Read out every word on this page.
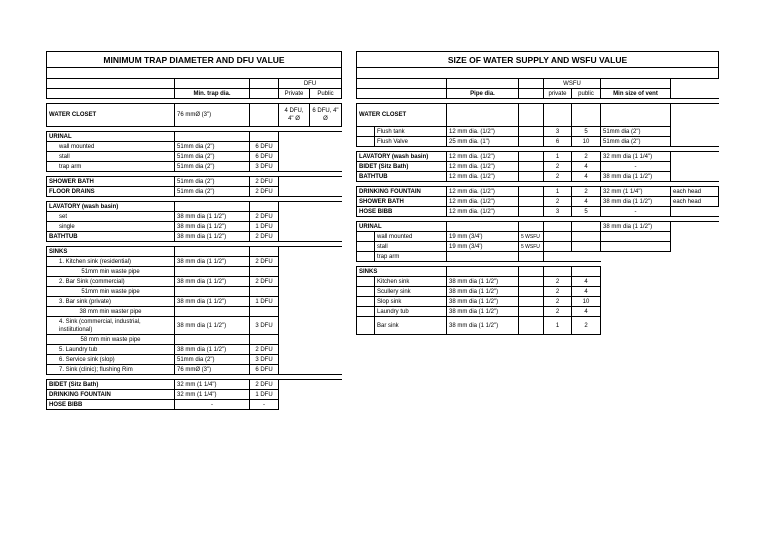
MINIMUM TRAP DIAMETER AND DFU VALUE				

			DFU	
	Min. trap dia.		Private	Public

WATER CLOSET	76 mmØ (3")		4 DFU, 4" Ø	6 DFU, 4" Ø

URINAL				
wall mounted	51mm dia (2")	6 DFU		
stall	51mm dia (2")	6 DFU		
trap arm	51mm dia (2")	3 DFU		

SHOWER BATH	51mm dia (2")	2 DFU		
FLOOR DRAINS	51mm dia (2")	2 DFU		

LAVATORY (wash basin)				
set	38 mm dia (1 1/2")	2 DFU		
single	38 mm dia (1 1/2")	1 DFU		
BATHTUB	38 mm dia (1 1/2")	2 DFU		

SINKS				
1. Kitchen sink (residential)	38 mm dia (1 1/2")	2 DFU		
51mm min waste pipe				
2. Bar Sink (commercial)	38 mm dia (1 1/2")	2 DFU		
51mm min waste pipe				
3. Bar sink (private)	38 mm dia (1 1/2")	1 DFU		
38 mm min waster pipe				
4. Sink (commercial, industrial,
instiitutional)	38 mm dia (1 1/2")	3 DFU		
58 mm min waste pipe				
5. Laundry tub	38 mm dia (1 1/2")	2 DFU		
6. Service sink (slop)	51mm dia (2")	3 DFU		
7. Sink (clinic); flushing Rim	76 mmØ (3")	6 DFU		

BIDET (Sitz Bath)	32 mm (1 1/4")	2 DFU		
DRINKING FOUNTAIN	32 mm (1 1/4")	1 DFU		
HOSE BIBB	-	-		
SIZE OF WATER SUPPLY AND WSFU VALUE							

				WSFU			
		Pipe dia.		private	public	Min size of vent	

WATER CLOSET							
	Flush tank	12 mm dia. (1/2")		3	5	51mm dia (2")	
	Flush Valve	25 mm dia. (1")		6	10	51mm dia (2")	

LAVATORY (wash basin)		12 mm dia. (1/2")		1	2	32 mm dia (1 1/4")	
BIDET (Sitz Bath)		12 mm dia. (1/2")		2	4	-	
BATHTUB		12 mm dia. (1/2")		2	4	38 mm dia (1 1/2")	

DRINKING FOUNTAIN		12 mm dia. (1/2")		1	2	32 mm (1 1/4")	each head
SHOWER BATH		12 mm dia. (1/2")		2	4	38 mm dia (1 1/2")	each head
HOSE BIBB		12 mm dia. (1/2")		3	5	-	

URINAL						38 mm dia (1 1/2")	
	wall mounted	19 mm (3/4')	5 WSFU				
	stall	19 mm (3/4')	5 WSFU				
	trap arm						

SINKS							
	Kitchen sink	38 mm dia (1 1/2")		2	4		
	Scullery sink	38 mm dia (1 1/2")		2	4		
	Slop sink	38 mm dia (1 1/2")		2	10		
	Laundry tub	38 mm dia (1 1/2")		2	4		
	Bar sink	38 mm dia (1 1/2")		1	2		
